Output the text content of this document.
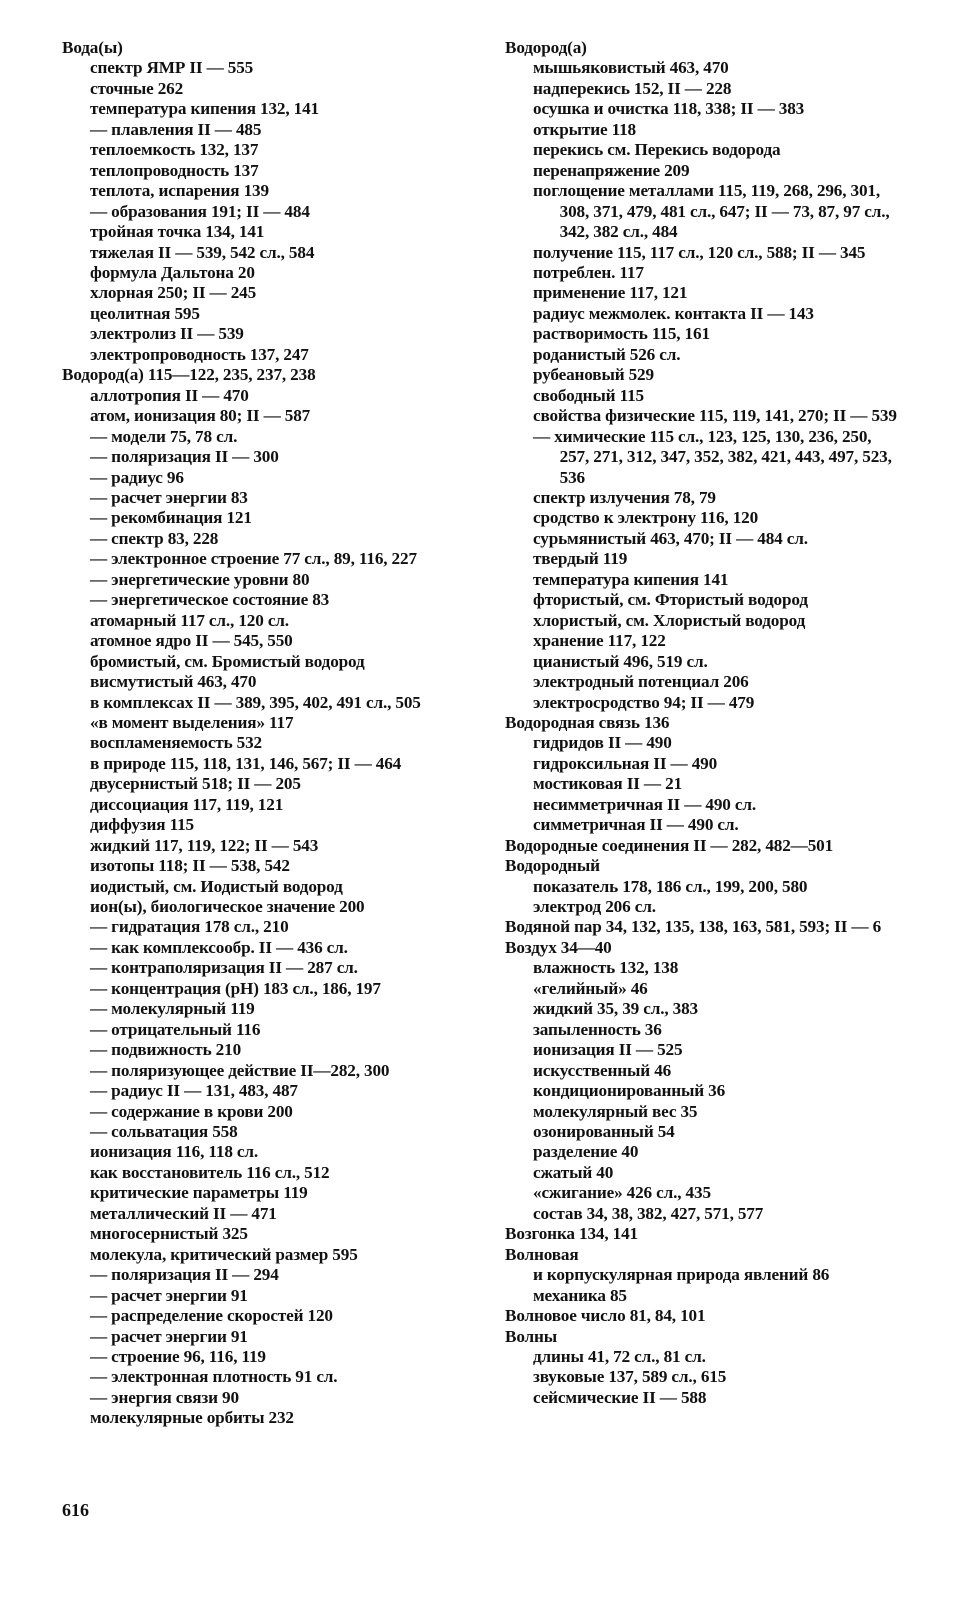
Вода(ы)
спектр ЯМР II — 555
сточные 262
температура кипения 132, 141
— плавления II — 485
теплоемкость 132, 137
теплопроводность 137
теплота, испарения 139
— образования 191; II — 484
тройная точка 134, 141
тяжелая II — 539, 542 сл., 584
формула Дальтона 20
хлорная 250; II — 245
цеолитная 595
электролиз II — 539
электропроводность 137, 247
Водород(а) 115—122, 235, 237, 238
аллотропия II — 470
атом, ионизация 80; II — 587
— модели 75, 78 сл.
— поляризация II — 300
— радиус 96
— расчет энергии 83
— рекомбинация 121
— спектр 83, 228
— электронное строение 77 сл., 89, 116, 227
— энергетические уровни 80
— энергетическое состояние 83
атомарный 117 сл., 120 сл.
атомное ядро II — 545, 550
бромистый, см. Бромистый водород
висмутистый 463, 470
в комплексах II — 389, 395, 402, 491 сл., 505
«в момент выделения» 117
воспламеняемость 532
в природе 115, 118, 131, 146, 567; II — 464
двусернистый 518; II — 205
диссоциация 117, 119, 121
диффузия 115
жидкий 117, 119, 122; II — 543
изотопы 118; II — 538, 542
иодистый, см. Иодистый водород
ион(ы), биологическое значение 200
— гидратация 178 сл., 210
— как комплексообр. II — 436 сл.
— контраполяризация II — 287 сл.
— концентрация (pH) 183 сл., 186, 197
— молекулярный 119
— отрицательный 116
— подвижность 210
— поляризующее действие II—282, 300
— радиус II — 131, 483, 487
— содержание в крови 200
— сольватация 558
ионизация 116, 118 сл.
как восстановитель 116 сл., 512
критические параметры 119
металлический II — 471
многосернистый 325
молекула, критический размер 595
— поляризация II — 294
— расчет энергии 91
— распределение скоростей 120
— расчет энергии 91
— строение 96, 116, 119
— электронная плотность 91 сл.
— энергия связи 90
молекулярные орбиты 232
Водород(а)
мышьяковистый 463, 470
надперекись 152, II — 228
осушка и очистка 118, 338; II — 383
открытие 118
перекись см. Перекись водорода
перенапряжение 209
поглощение металлами 115, 119, 268, 296, 301, 308, 371, 479, 481 сл., 647; II — 73, 87, 97 сл., 342, 382 сл., 484
получение 115, 117 сл., 120 сл., 588; II — 345
потреблен. 117
применение 117, 121
радиус межмолек. контакта II — 143
растворимость 115, 161
роданистый 526 сл.
рубеановый 529
свободный 115
свойства физические 115, 119, 141, 270; II — 539
— химические 115 сл., 123, 125, 130, 236, 250, 257, 271, 312, 347, 352, 382, 421, 443, 497, 523, 536
спектр излучения 78, 79
сродство к электрону 116, 120
сурьмянистый 463, 470; II — 484 сл.
твердый 119
температура кипения 141
фтористый, см. Фтористый водород
хлористый, см. Хлористый водород
хранение 117, 122
цианистый 496, 519 сл.
электродный потенциал 206
электросродство 94; II — 479
Водородная связь 136
гидридов II — 490
гидроксильная II — 490
мостиковая II — 21
несимметричная II — 490 сл.
симметричная II — 490 сл.
Водородные соединения II — 282, 482—501
Водородный
показатель 178, 186 сл., 199, 200, 580
электрод 206 сл.
Водяной пар 34, 132, 135, 138, 163, 581, 593; II — 6
Воздух 34—40
влажность 132, 138
«гелийный» 46
жидкий 35, 39 сл., 383
запыленность 36
ионизация II — 525
искусственный 46
кондиционированный 36
молекулярный вес 35
озонированный 54
разделение 40
сжатый 40
«сжигание» 426 сл., 435
состав 34, 38, 382, 427, 571, 577
Возгонка 134, 141
Волновая
и корпускулярная природа явлений 86
механика 85
Волновое число 81, 84, 101
Волны
длины 41, 72 сл., 81 сл.
звуковые 137, 589 сл., 615
сейсмические II — 588
616
